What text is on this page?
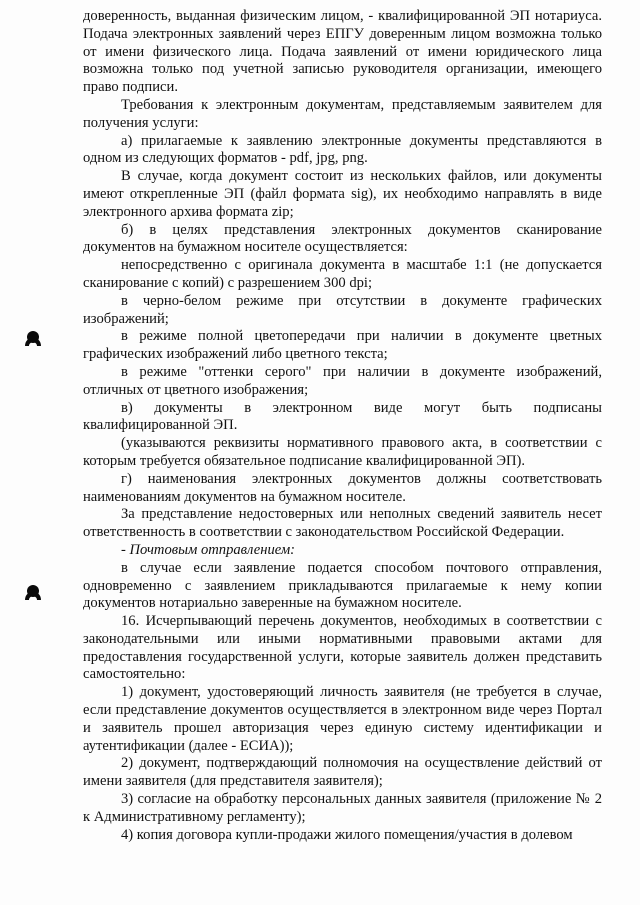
доверенность, выданная физическим лицом, - квалифицированной ЭП нотариуса. Подача электронных заявлений через ЕПГУ доверенным лицом возможна только от имени физического лица. Подача заявлений от имени юридического лица возможна только под учетной записью руководителя организации, имеющего право подписи.

Требования к электронным документам, представляемым заявителем для получения услуги:

а) прилагаемые к заявлению электронные документы представляются в одном из следующих форматов - pdf, jpg, png.

В случае, когда документ состоит из нескольких файлов, или документы имеют открепленные ЭП (файл формата sig), их необходимо направлять в виде электронного архива формата zip;

б) в целях представления электронных документов сканирование документов на бумажном носителе осуществляется:

непосредственно с оригинала документа в масштабе 1:1 (не допускается сканирование с копий) с разрешением 300 dpi;

в черно-белом режиме при отсутствии в документе графических изображений;

в режиме полной цветопередачи при наличии в документе цветных графических изображений либо цветного текста;

в режиме "оттенки серого" при наличии в документе изображений, отличных от цветного изображения;

в) документы в электронном виде могут быть подписаны квалифицированной ЭП.

(указываются реквизиты нормативного правового акта, в соответствии с которым требуется обязательное подписание квалифицированной ЭП).

г) наименования электронных документов должны соответствовать наименованиям документов на бумажном носителе.

За представление недостоверных или неполных сведений заявитель несет ответственность в соответствии с законодательством Российской Федерации.

- Почтовым отправлением:

в случае если заявление подается способом почтового отправления, одновременно с заявлением прикладываются прилагаемые к нему копии документов нотариально заверенные на бумажном носителе.

16. Исчерпывающий перечень документов, необходимых в соответствии с законодательными или иными нормативными правовыми актами для предоставления государственной услуги, которые заявитель должен представить самостоятельно:

1) документ, удостоверяющий личность заявителя (не требуется в случае, если представление документов осуществляется в электронном виде через Портал и заявитель прошел авторизация через единую систему идентификации и аутентификации (далее - ЕСИА));

2) документ, подтверждающий полномочия на осуществление действий от имени заявителя (для представителя заявителя);

3) согласие на обработку персональных данных заявителя (приложение № 2 к Административному регламенту);

4) копия договора купли-продажи жилого помещения/участия в долевом
